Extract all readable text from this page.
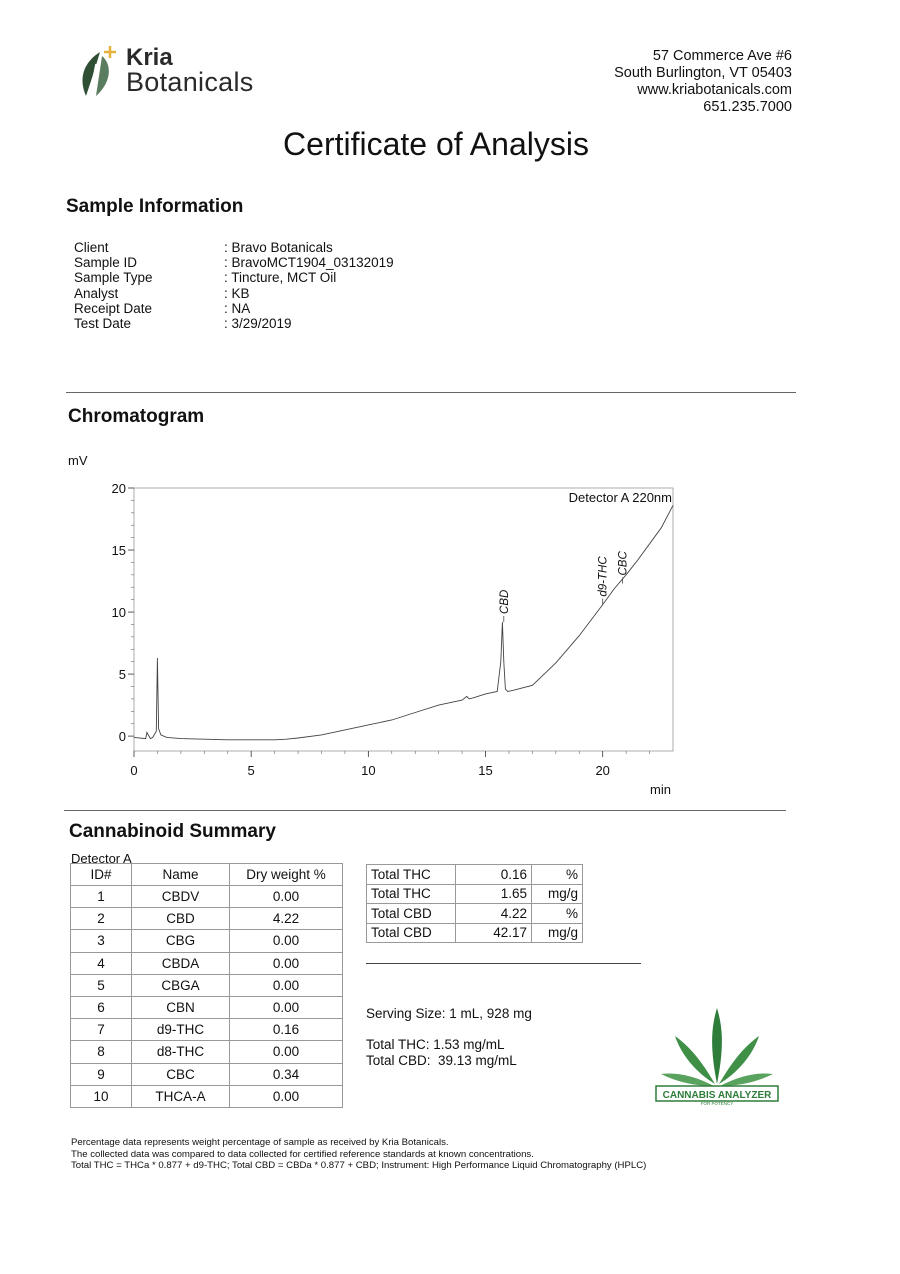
Kria
Botanicals
57 Commerce Ave #6
South Burlington, VT 05403
www.kriabotanicals.com
651.235.7000
Certificate of Analysis
Sample Information
Client	: Bravo Botanicals
Sample ID	: BravoMCT1904_03132019
Sample Type	: Tincture, MCT Oil
Analyst	: KB
Receipt Date	: NA
Test Date	: 3/29/2019
Chromatogram
0
5
10
15
20
0	5	10	15	20
mV
min
Detector A 220nm
CBD
d9-THC CBC
Cannabinoid Summary
Detector A
ID#	Name	Dry weight %
1	CBDV	0.00
2	CBD	4.22
3	CBG	0.00
4	CBDA	0.00
5	CBGA	0.00
6	CBN	0.00
7	d9-THC	0.16
8	d8-THC	0.00
9	CBC	0.34
10	THCA-A	0.00
Total THC	0.16	%
Total THC	1.65	mg/g
Total CBD	4.22	%
Total CBD	42.17	mg/g
Serving Size: 1 mL, 928 mg
Total THC: 1.53 mg/mL
Total CBD:  39.13 mg/mL
CANNABIS ANALYZER
FOR POTENCY
Percentage data represents weight percentage of sample as received by Kria Botanicals.
The collected data was compared to data collected for certified reference standards at known concentrations.
Total THC = THCa * 0.877 + d9-THC; Total CBD = CBDa * 0.877 + CBD; Instrument: High Performance Liquid Chromatography (HPLC)
